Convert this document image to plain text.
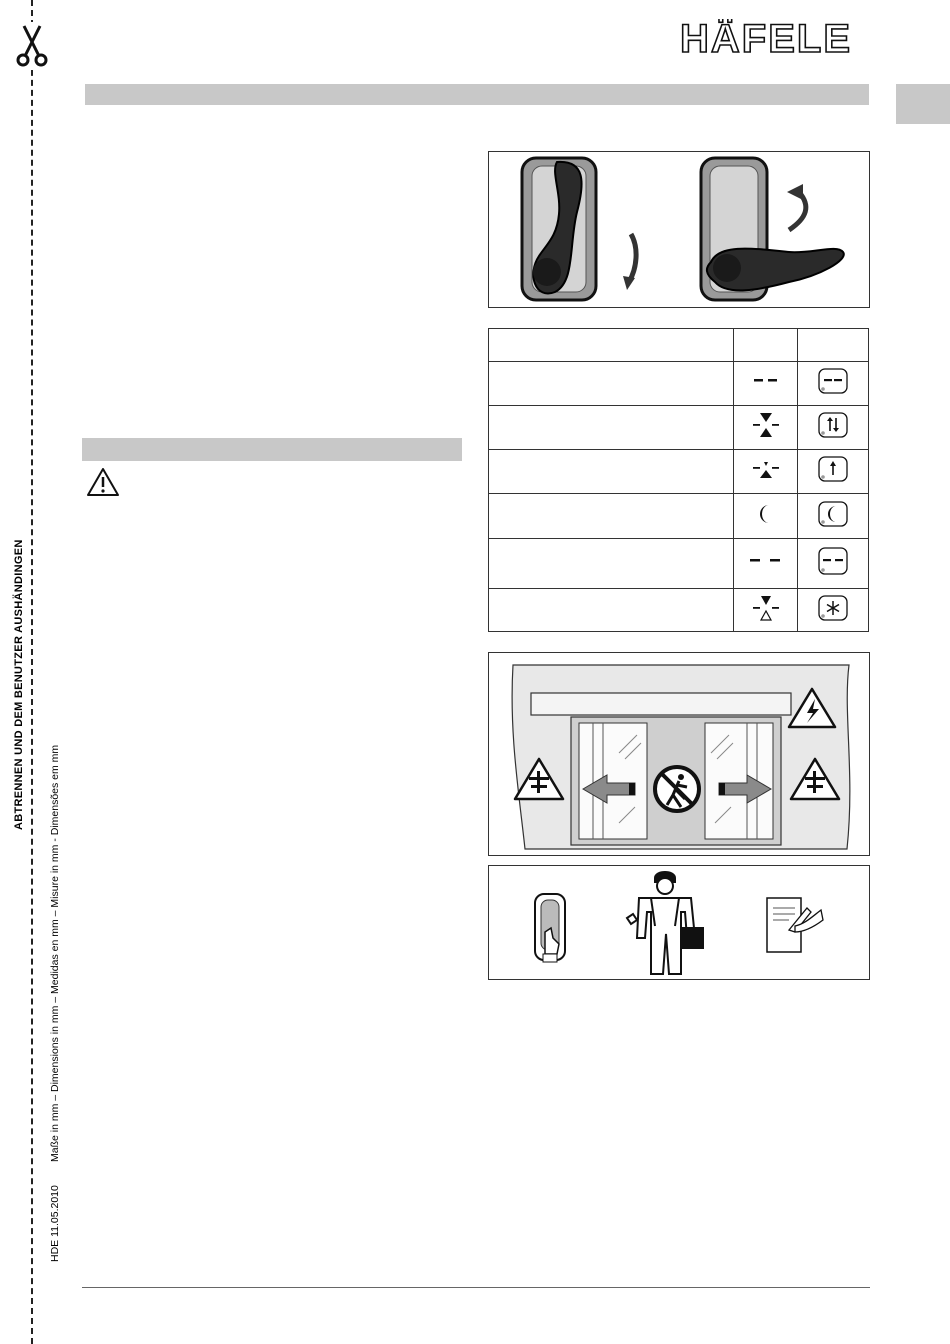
ABTRENNEN UND DEM BENUTZER AUSHÄNDINGEN
Maße in mm – Dimensions in mm – Medidas en mm – Misure in mm - Dimensões em mm
HDE 11.05.2010
HÄFELE
